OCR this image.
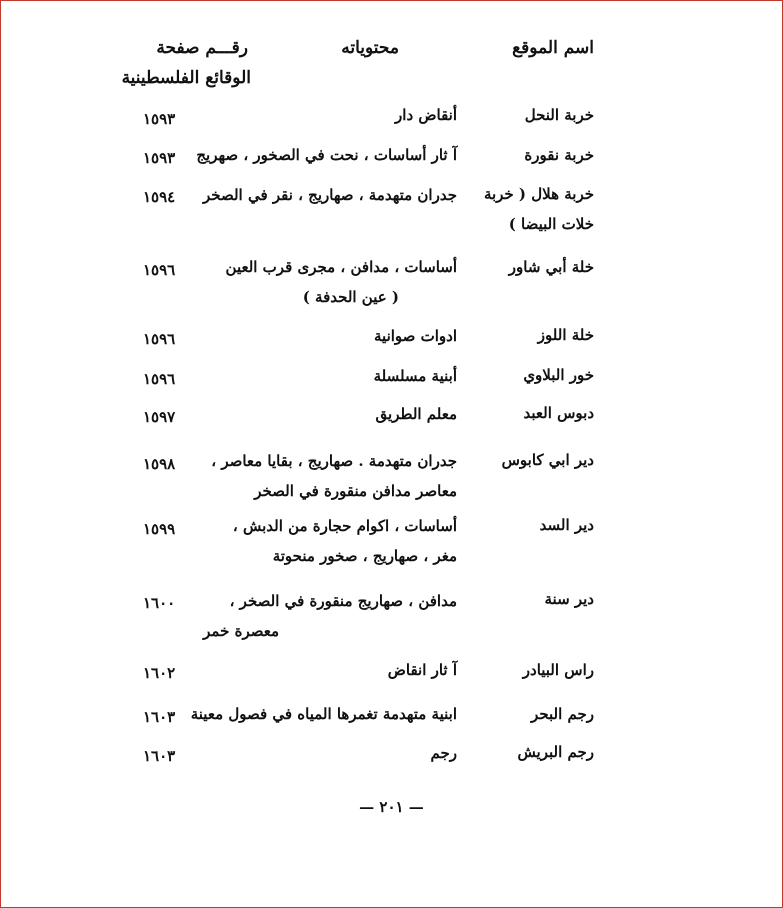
اسم الموقع
محتوياته
رقـــم صفحة
الوقائع الفلسطينية
خربة النحل
أنقاض دار
١٥٩٣
خربة نقورة
آ ثار أساسات ، نحت في الصخور ، صهريج
١٥٩٣
خربة هلال ( خربة
خلات البيضا )
جدران متهدمة ، صهاريج ، نقر في الصخر
١٥٩٤
خلة أبي شاور
أساسات ، مدافن ، مجرى قرب العين
( عين الحدفة )
١٥٩٦
خلة اللوز
ادوات صوانية
١٥٩٦
خور البلاوي
أبنية مسلسلة
١٥٩٦
دبوس العبد
معلم الطريق
١٥٩٧
دير ابي كابوس
جدران متهدمة . صهاريج ، بقايا معاصر ،
معاصر مدافن منقورة في الصخر
١٥٩٨
دير السد
أساسات ، اكوام حجارة من الدبش ،
مغر ، صهاريج ، صخور منحوتة
١٥٩٩
دير سنة
مدافن ، صهاريج منقورة في الصخر ،
معصرة خمر
١٦٠٠
راس البيادر
آ ثار انقاض
١٦٠٢
رجم البحر
ابنية متهدمة تغمرها المياه في فصول معينة
١٦٠٣
رجم البريش
رجم
١٦٠٣
— ٢٠١ —
